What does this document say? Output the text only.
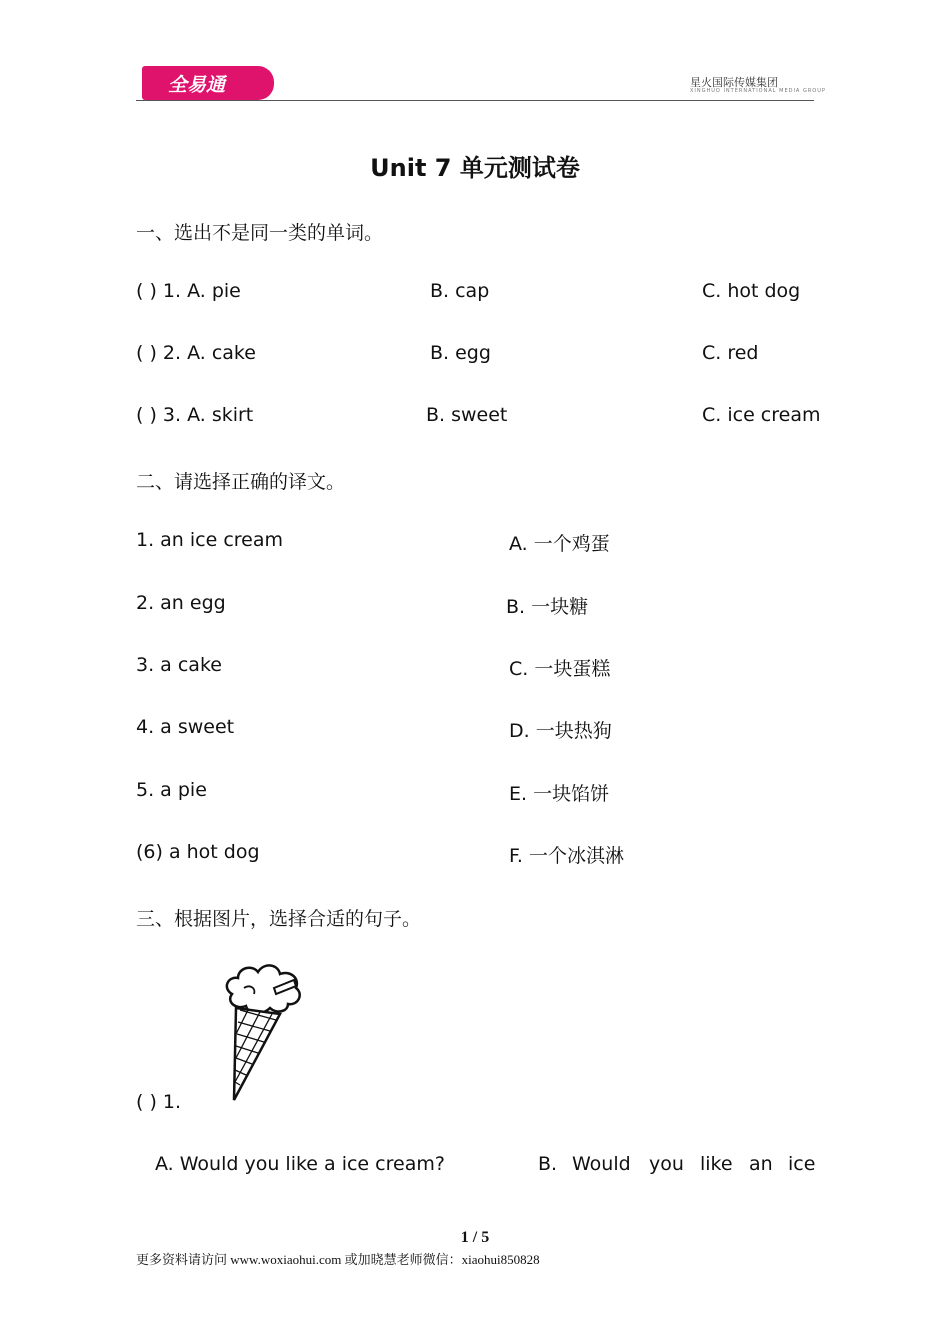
全易通	星火国际传媒集团
XINGHUO INTERNATIONAL MEDIA GROUP
Unit 7 单元测试卷
一、选出不是同一类的单词。
( ) 1. A. pie	B. cap	C. hot dog
( ) 2. A. cake	B. egg	C. red
( ) 3. A. skirt	B. sweet	C. ice cream
二、请选择正确的译文。
1. an ice cream	A. 一个鸡蛋
2. an egg	B. 一块糖
3. a cake	C. 一块蛋糕
4. a sweet	D. 一块热狗
5. a pie	E. 一块馅饼
(6) a hot dog	F. 一个冰淇淋
三、根据图片，选择合适的句子。
( ) 1.
A. Would you like a ice cream?	B. Would you like an ice
1 / 5
更多资料请访问 www.woxiaohui.com 或加晓慧老师微信：xiaohui850828
